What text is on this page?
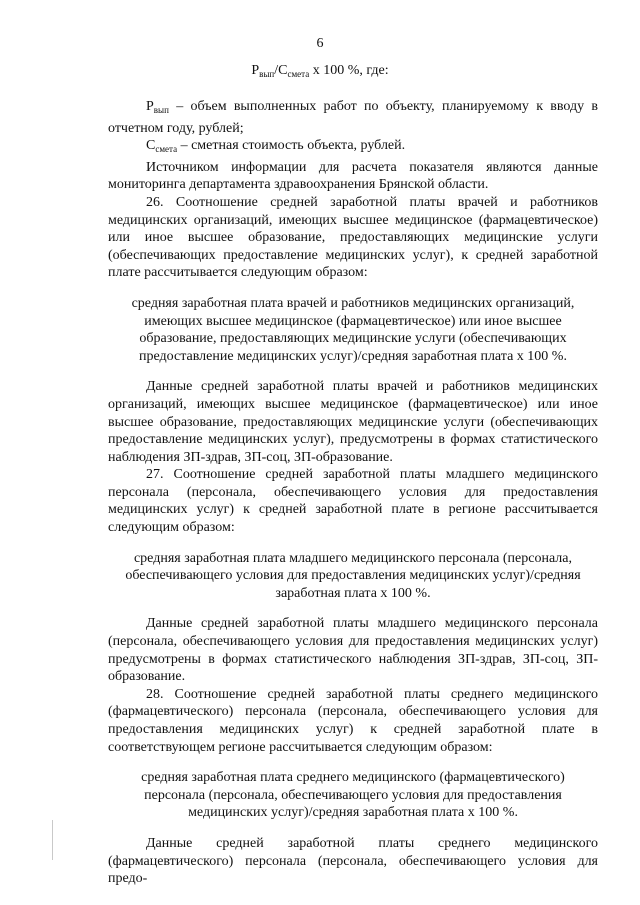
6
$P_{вып}/С_{смета}$ x 100 %, где:

$P_{вып}$ – объем выполненных работ по объекту, планируемому к вводу в отчетном году, рублей;

$С_{смета}$ – сметная стоимость объекта, рублей.

Источником информации для расчета показателя являются данные мониторинга департамента здравоохранения Брянской области.

26. Соотношение средней заработной платы врачей и работников медицинских организаций, имеющих высшее медицинское (фармацевтическое) или иное высшее образование, предоставляющих медицинские услуги (обеспечивающих предоставление медицинских услуг), к средней заработной плате рассчитывается следующим образом:

средняя заработная плата врачей и работников медицинских организаций, имеющих высшее медицинское (фармацевтическое) или иное высшее образование, предоставляющих медицинские услуги (обеспечивающих предоставление медицинских услуг)/средняя заработная плата х 100 %.

Данные средней заработной платы врачей и работников медицинских организаций, имеющих высшее медицинское (фармацевтическое) или иное высшее образование, предоставляющих медицинские услуги (обеспечивающих предоставление медицинских услуг), предусмотрены в формах статистического наблюдения ЗП-здрав, ЗП-соц, ЗП-образование.

27. Соотношение средней заработной платы младшего медицинского персонала (персонала, обеспечивающего условия для предоставления медицинских услуг) к средней заработной плате в регионе рассчитывается следующим образом:

средняя заработная плата младшего медицинского персонала (персонала, обеспечивающего условия для предоставления медицинских услуг)/средняя заработная плата х 100 %.

Данные средней заработной платы младшего медицинского персонала (персонала, обеспечивающего условия для предоставления медицинских услуг) предусмотрены в формах статистического наблюдения ЗП-здрав, ЗП-соц, ЗП-образование.

28. Соотношение средней заработной платы среднего медицинского (фармацевтического) персонала (персонала, обеспечивающего условия для предоставления медицинских услуг) к средней заработной плате в соответствующем регионе рассчитывается следующим образом:

средняя заработная плата среднего медицинского (фармацевтического) персонала (персонала, обеспечивающего условия для предоставления медицинских услуг)/средняя заработная плата х 100 %.

Данные средней заработной платы среднего медицинского (фармацевтического) персонала (персонала, обеспечивающего условия для предо-
